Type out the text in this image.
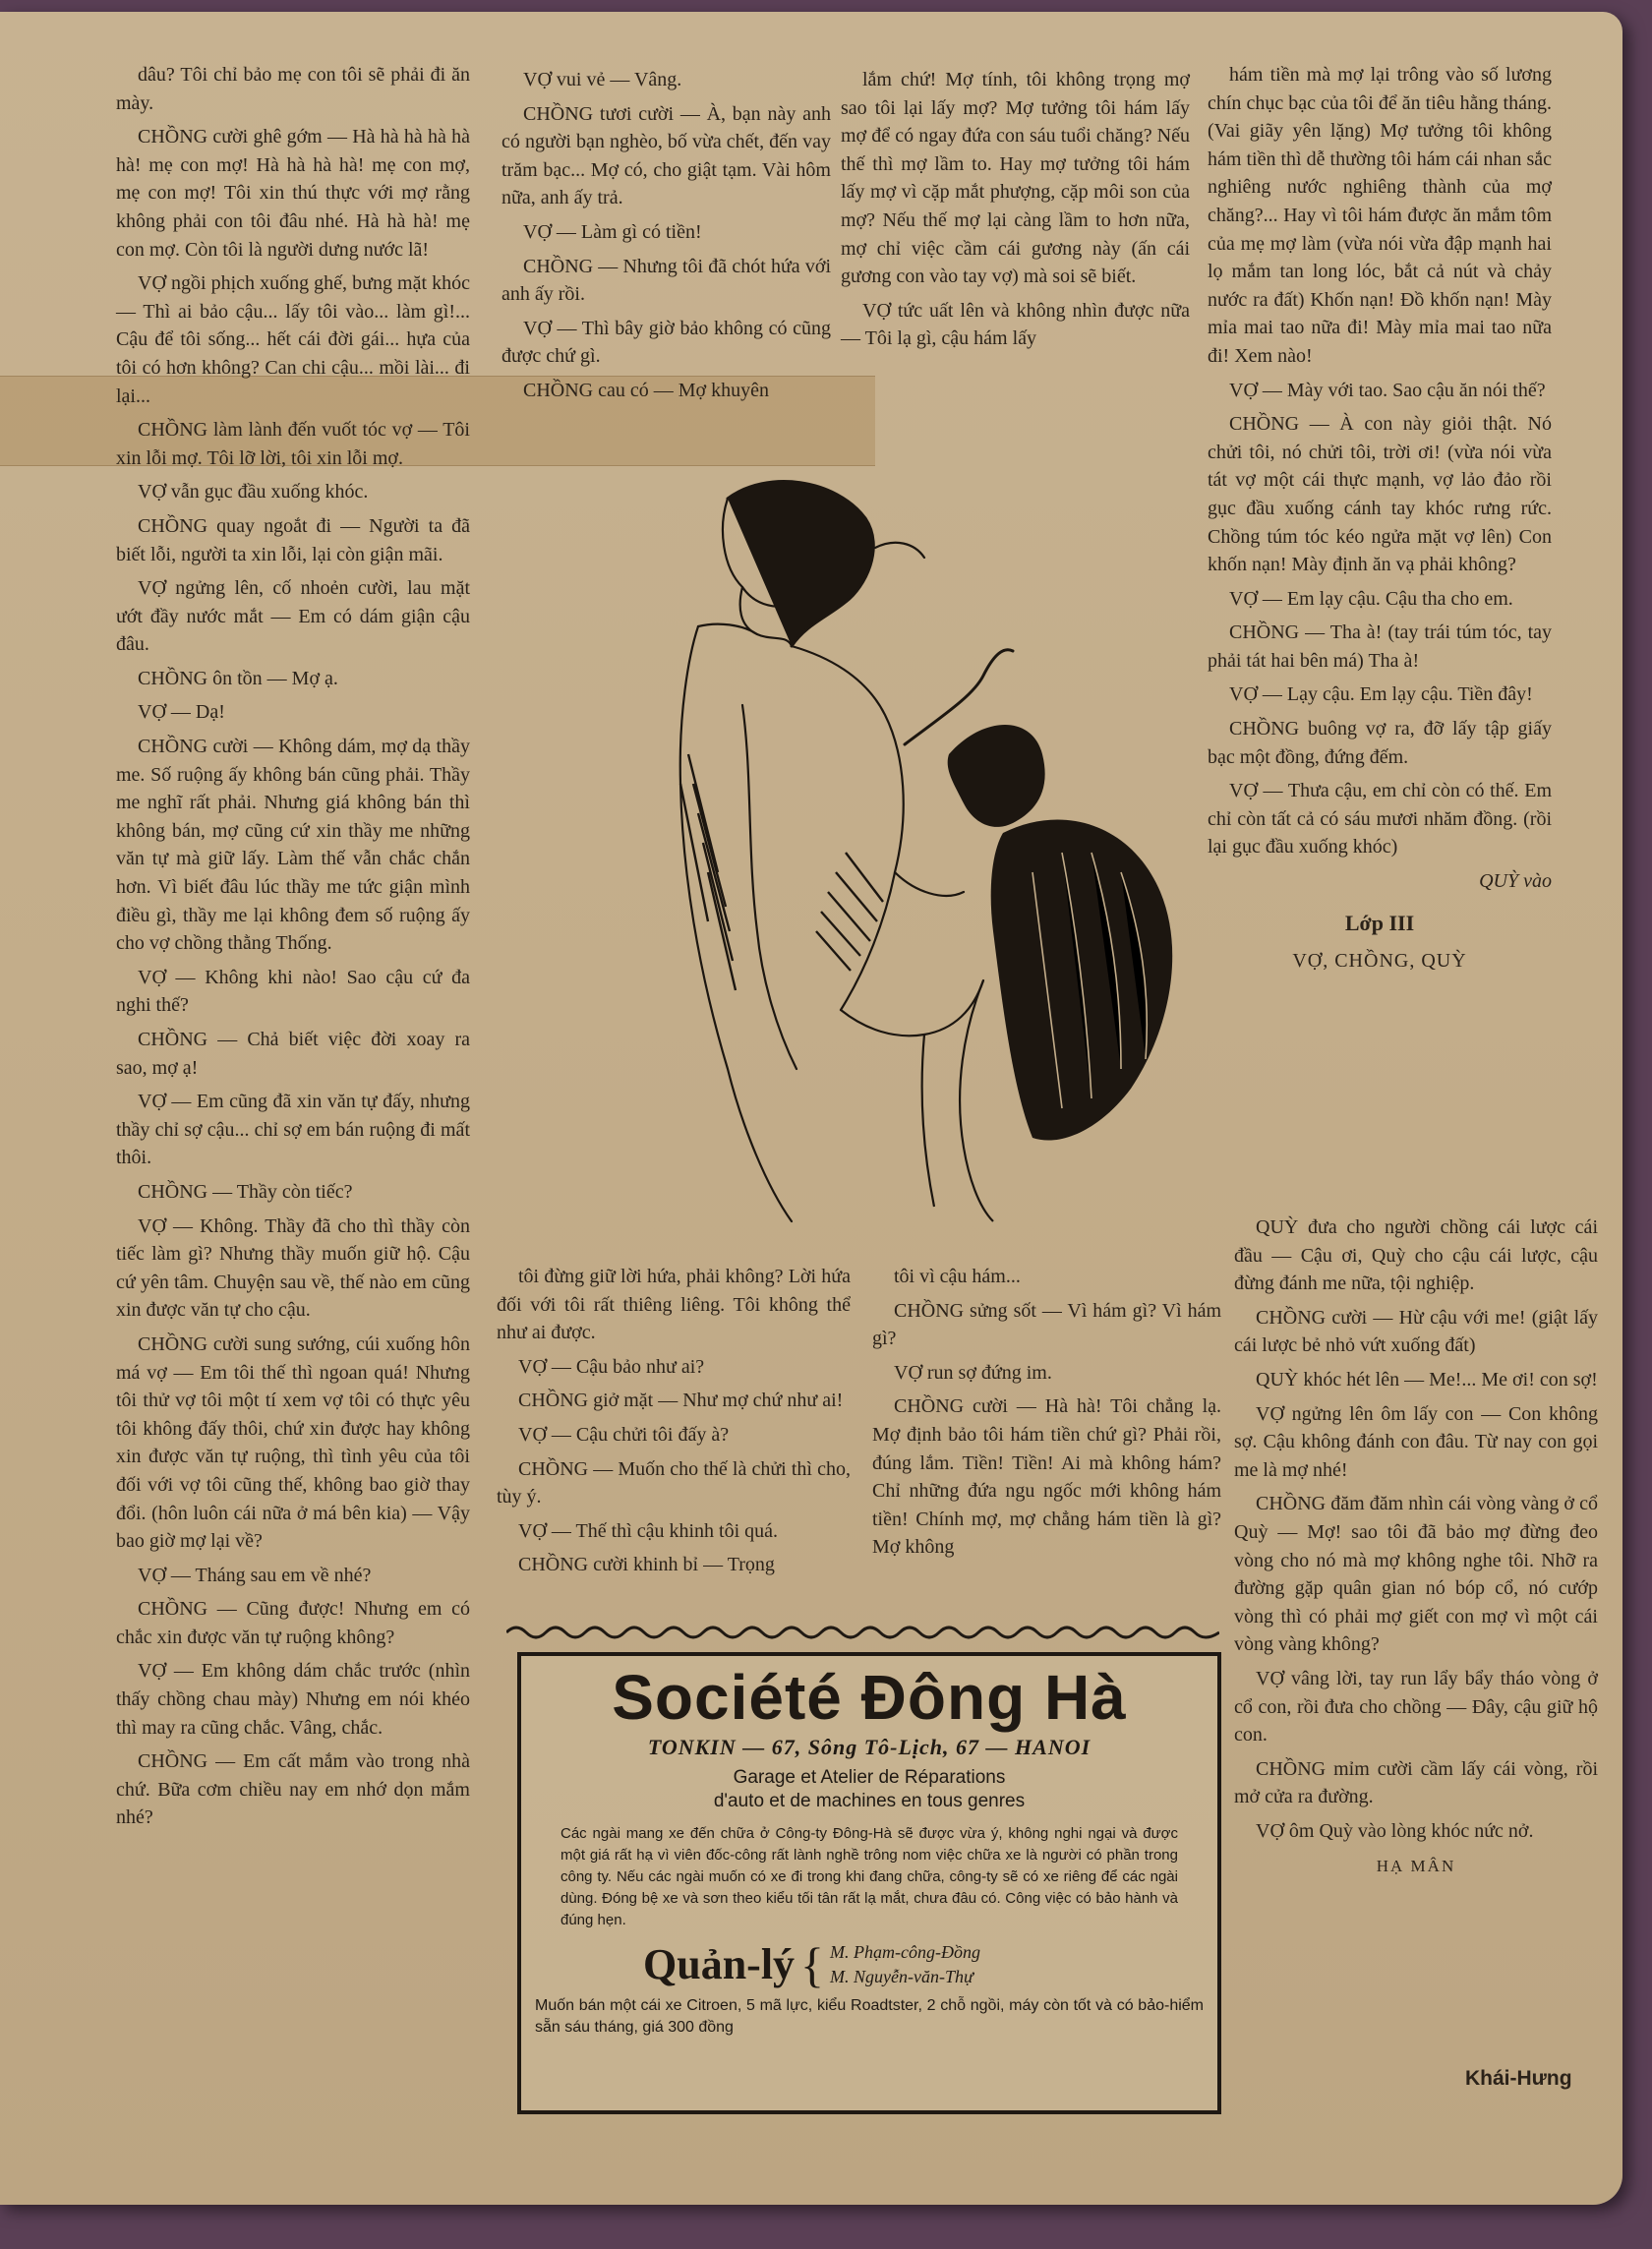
dâu? Tôi chỉ bảo mẹ con tôi sẽ phải đi ăn mày.

CHỒNG cười ghê gớm — Hà hà hà hà hà hà! mẹ con mợ! Hà hà hà hà! mẹ con mợ, mẹ con mợ! Tôi xin thú thực với mợ rằng không phải con tôi đâu nhé. Hà hà hà! mẹ con mợ. Còn tôi là người dưng nước lã!

VỢ ngồi phịch xuống ghế, bưng mặt khóc — Thì ai bảo cậu... lấy tôi vào... làm gì!... Cậu để tôi sống... hết cái đời gái... hựa của tôi có hơn không? Can chi cậu... mồi lài... đi lại...

CHỒNG làm lành đến vuốt tóc vợ — Tôi xin lỗi mợ. Tôi lỡ lời, tôi xin lỗi mợ.

VỢ vẫn gục đầu xuống khóc.

CHỒNG quay ngoắt đi — Người ta đã biết lỗi, người ta xin lỗi, lại còn giận mãi.

VỢ ngửng lên, cố nhoẻn cười, lau mặt ướt đầy nước mắt — Em có dám giận cậu đâu.

CHỒNG ôn tồn — Mợ ạ.

VỢ — Dạ!

CHỒNG cười — Không dám, mợ dạ thầy me. Số ruộng ấy không bán cũng phải. Thầy me nghĩ rất phải. Nhưng giá không bán thì không bán, mợ cũng cứ xin thầy me những văn tự mà giữ lấy. Làm thế vẫn chắc chắn hơn. Vì biết đâu lúc thầy me tức giận mình điều gì, thầy me lại không đem số ruộng ấy cho vợ chồng thằng Thống.

VỢ — Không khi nào! Sao cậu cứ đa nghi thế?

CHỒNG — Chả biết việc đời xoay ra sao, mợ ạ!

VỢ — Em cũng đã xin văn tự đấy, nhưng thầy chỉ sợ cậu... chỉ sợ em bán ruộng đi mất thôi.

CHỒNG — Thầy còn tiếc?

VỢ — Không. Thầy đã cho thì thầy còn tiếc làm gì? Nhưng thầy muốn giữ hộ. Cậu cứ yên tâm. Chuyện sau về, thế nào em cũng xin được văn tự cho cậu.

CHỒNG cười sung sướng, cúi xuống hôn má vợ — Em tôi thế thì ngoan quá! Nhưng tôi thử vợ tôi một tí xem vợ tôi có thực yêu tôi không đấy thôi, chứ xin được hay không xin được văn tự ruộng, thì tình yêu của tôi đối với vợ tôi cũng thế, không bao giờ thay đổi. (hôn luôn cái nữa ở má bên kia) — Vậy bao giờ mợ lại về?

VỢ — Tháng sau em về nhé?

CHỒNG — Cũng được! Nhưng em có chắc xin được văn tự ruộng không?

VỢ — Em không dám chắc trước (nhìn thấy chồng chau mày) Nhưng em nói khéo thì may ra cũng chắc. Vâng, chắc.

CHỒNG — Em cất mắm vào trong nhà chứ. Bữa cơm chiều nay em nhớ dọn mắm nhé?

VỢ vui vẻ — Vâng.

CHỒNG tươi cười — À, bạn này anh có người bạn nghèo, bố vừa chết, đến vay trăm bạc... Mợ có, cho giật tạm. Vài hôm nữa, anh ấy trả.

VỢ — Làm gì có tiền!

CHỒNG — Nhưng tôi đã chót hứa với anh ấy rồi.

VỢ — Thì bây giờ bảo không có cũng được chứ gì.

CHỒNG cau có — Mợ khuyên

lắm chứ! Mợ tính, tôi không trọng mợ sao tôi lại lấy mợ? Mợ tưởng tôi hám lấy mợ để có ngay đứa con sáu tuổi chăng? Nếu thế thì mợ lầm to. Hay mợ tưởng tôi hám lấy mợ vì cặp mắt phượng, cặp môi son của mợ? Nếu thế mợ lại càng lầm to hơn nữa, mợ chỉ việc cầm cái gương này (ấn cái gương con vào tay vợ) mà soi sẽ biết.

VỢ tức uất lên và không nhìn được nữa — Tôi lạ gì, cậu hám lấy

hám tiền mà mợ lại trông vào số lương chín chục bạc của tôi để ăn tiêu hằng tháng. (Vai giãy yên lặng) Mợ tưởng tôi không hám tiền thì dễ thường tôi hám cái nhan sắc nghiêng nước nghiêng thành của mợ chăng?... Hay vì tôi hám được ăn mắm tôm của mẹ mợ làm (vừa nói vừa đập mạnh hai lọ mắm tan long lóc, bắt cả nút và chảy nước ra đất) Khốn nạn! Đồ khốn nạn! Mày mỉa mai tao nữa đi! Mày mỉa mai tao nữa đi! Xem nào!

VỢ — Mày với tao. Sao cậu ăn nói thế?

CHỒNG — À con này giỏi thật. Nó chửi tôi, nó chửi tôi, trời ơi! (vừa nói vừa tát vợ một cái thực mạnh, vợ lảo đảo rồi gục đầu xuống cánh tay khóc rưng rức. Chồng túm tóc kéo ngửa mặt vợ lên) Con khốn nạn! Mày định ăn vạ phải không?

VỢ — Em lạy cậu. Cậu tha cho em.

CHỒNG — Tha à! (tay trái túm tóc, tay phải tát hai bên má) Tha à!

VỢ — Lạy cậu. Em lạy cậu. Tiền đây!

CHỒNG buông vợ ra, đỡ lấy tập giấy bạc một đồng, đứng đếm.

VỢ — Thưa cậu, em chỉ còn có thế. Em chỉ còn tất cả có sáu mươi nhăm đồng. (rồi lại gục đầu xuống khóc)

QUỲ vào

Lớp III

VỢ, CHỒNG, QUỲ

tôi đừng giữ lời hứa, phải không? Lời hứa đối với tôi rất thiêng liêng. Tôi không thể như ai được.

VỢ — Cậu bảo như ai?

CHỒNG giở mặt — Như mợ chứ như ai!

VỢ — Cậu chửi tôi đấy à?

CHỒNG — Muốn cho thế là chửi thì cho, tùy ý.

VỢ — Thế thì cậu khinh tôi quá.

CHỒNG cười khinh bỉ — Trọng

tôi vì cậu hám...

CHỒNG sửng sốt — Vì hám gì? Vì hám gì?

VỢ run sợ đứng im.

CHỒNG cười — Hà hà! Tôi chẳng lạ. Mợ định bảo tôi hám tiền chứ gì? Phải rồi, đúng lắm. Tiền! Tiền! Ai mà không hám? Chỉ những đứa ngu ngốc mới không hám tiền! Chính mợ, mợ chẳng hám tiền là gì? Mợ không

QUỲ đưa cho người chồng cái lược cái đầu — Cậu ơi, Quỳ cho cậu cái lược, cậu đừng đánh me nữa, tội nghiệp.

CHỒNG cười — Hừ cậu với me! (giật lấy cái lược bẻ nhỏ vứt xuống đất)

QUỲ khóc hét lên — Me!... Me ơi! con sợ!

VỢ ngửng lên ôm lấy con — Con không sợ. Cậu không đánh con đâu. Từ nay con gọi me là mợ nhé!

CHỒNG đăm đăm nhìn cái vòng vàng ở cổ Quỳ — Mợ! sao tôi đã bảo mợ đừng đeo vòng cho nó mà mợ không nghe tôi. Nhỡ ra đường gặp quân gian nó bóp cổ, nó cướp vòng thì có phải mợ giết con mợ vì một cái vòng vàng không?

VỢ vâng lời, tay run lẩy bẩy tháo vòng ở cổ con, rồi đưa cho chồng — Đây, cậu giữ hộ con.

CHỒNG mỉm cười cầm lấy cái vòng, rồi mở cửa ra đường.

VỢ ôm Quỳ vào lòng khóc nức nở.

HẠ MÂN

Société Đông Hà
TONKIN — 67, Sông Tô-Lịch, 67 — HANOI
Garage et Atelier de Réparations
d'auto et de machines en tous genres
Các ngài mang xe đến chữa ở Công-ty Đông-Hà sẽ được vừa ý, không nghi ngại và được một giá rất hạ vì viên đốc-công rất lành nghề trông nom việc chữa xe là người có phần trong công ty. Nếu các ngài muốn có xe đi trong khi đang chữa, công-ty sẽ có xe riêng để các ngài dùng. Đóng bệ xe và sơn theo kiểu tối tân rất lạ mắt, chưa đâu có. Công việc có bảo hành và đúng hẹn.
Quản-lý { M. Phạm-công-Đồng
M. Nguyễn-văn-Thự
Muốn bán một cái xe Citroen, 5 mã lực, kiểu Roadtster, 2 chỗ ngồi, máy còn tốt và có bảo-hiểm sẵn sáu tháng, giá 300 đồng
Khái-Hưng
